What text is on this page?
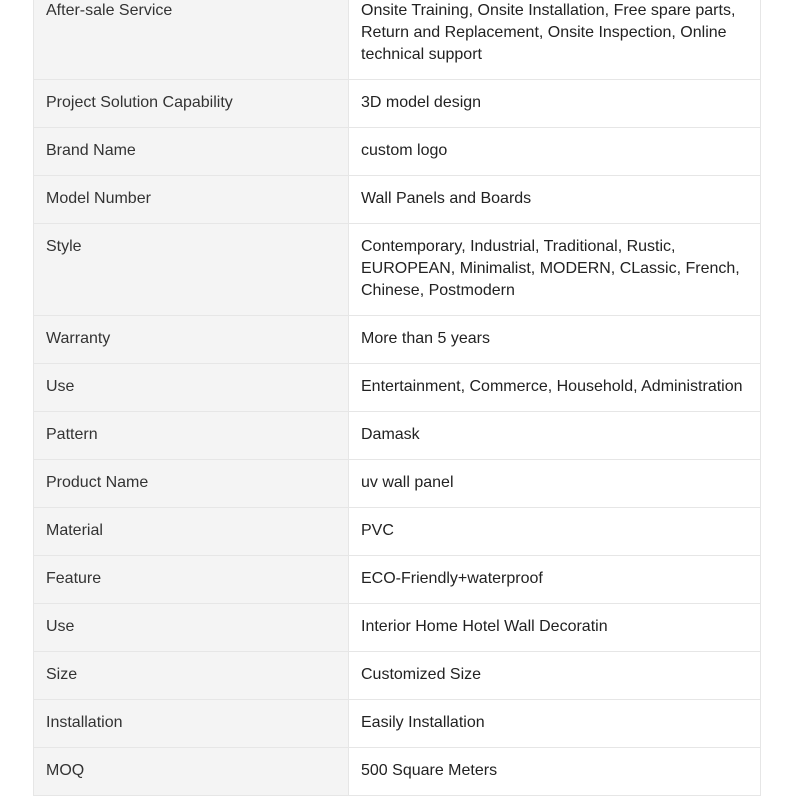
After-sale Service	Onsite Training, Onsite Installation, Free spare parts, Return and Replacement, Onsite Inspection, Online technical support
Project Solution Capability	3D model design
Brand Name	custom logo
Model Number	Wall Panels and Boards
Style	Contemporary, Industrial, Traditional, Rustic, EUROPEAN, Minimalist, MODERN, CLassic, French, Chinese, Postmodern
Warranty	More than 5 years
Use	Entertainment, Commerce, Household, Administration
Pattern	Damask
Product Name	uv wall panel
Material	PVC
Feature	ECO-Friendly+waterproof
Use	Interior Home Hotel Wall Decoratin
Size	Customized Size
Installation	Easily Installation
MOQ	500 Square Meters
